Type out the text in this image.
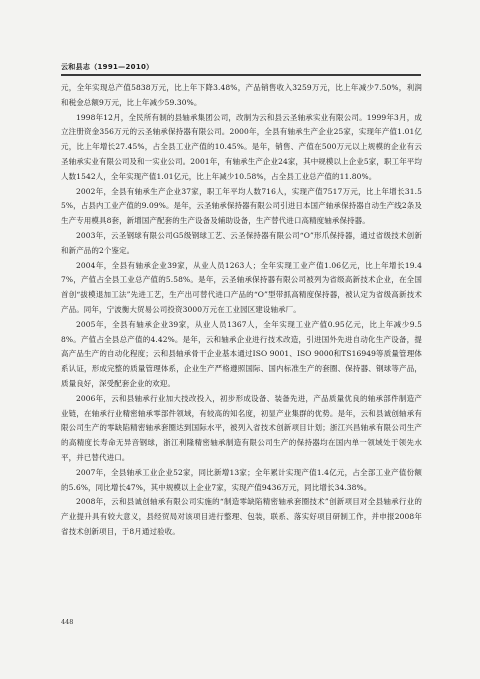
云和县志（1991—2010）

元，全年实现总产值5838万元，比上年下降3.48%，产品销售收入3259万元，比上年减少7.50%，利润和税金总额9万元，比上年减少59.30%。

1998年12月，全民所有制的县轴承集团公司，改制为云和县云圣轴承实业有限公司。1999年3月，成立注册资金356万元的云圣轴承保持器有限公司。2000年，全县有轴承生产企业25家，实现年产值1.01亿元，比上年增长27.45%，占全县工业产值的10.45%。是年，销售、产值在500万元以上规模的企业有云圣轴承实业有限公司及和一实业公司。2001年，有轴承生产企业24家，其中规模以上企业5家，职工年平均人数1542人，全年实现产值1.01亿元，比上年减少10.58%，占全县工业总产值的11.80%。

2002年，全县有轴承生产企业37家，职工年平均人数716人，实现产值7517万元，比上年增长31.55%，占县内工业产值的9.09%。是年，云圣轴承保持器有限公司引进日本国产轴承保持器自动生产线2条及生产专用模具8套，新增国产配套的生产设备及辅助设备，生产替代进口高精度轴承保持器。

2003年，云圣钢球有限公司G5级钢球工艺、云圣保持器有限公司“O”形爪保持器，通过省级技术创新和新产品的2个鉴定。

2004年，全县有轴承企业39家，从业人员1263人；全年实现工业产值1.06亿元，比上年增长19.47%，产值占全县工业总产值的5.58%。是年，云圣轴承保持器有限公司被列为省级高新技术企业，在全国首创“拔模退加工法”先进工艺，生产出可替代进口产品的“O”型带抓高精度保持器，被认定为省级高新技术产品。同年，宁波衡大贸易公司投资3000万元在工业园区建设轴承厂。

2005年，全县有轴承企业39家，从业人员1367人，全年实现工业产值0.95亿元，比上年减少9.58%。产值占全县总产值的4.42%。是年，云和轴承企业进行技术改造，引进国外先进自动化生产设备，提高产品生产的自动化程度；云和县轴承骨干企业基本通过ISO 9001、ISO 9000和TS16949等质量管理体系认证，形成完整的质量管理体系，企业生产严格遵照国际、国内标准生产的套圈、保持器、钢球等产品，质量良好，深受配套企业的欢迎。

2006年，云和县轴承行业加大技改投入，初步形成设备、装备先进，产品质量优良的轴承部件制造产业链，在轴承行业精密轴承零部件领域，有较高的知名度，初显产业集群的优势。是年，云和县诚创轴承有限公司生产的零缺陷精密轴承套圈达到国际水平，被列入省技术创新项目计划；浙江兴昌轴承有限公司生产的高精度长寿命无异音钢球，浙江利隆精密轴承制造有限公司生产的保持器均在国内单一领域处于领先水平，并已替代进口。

2007年，全县轴承工业企业52家，同比新增13家；全年累计实现产值1.4亿元，占全部工业产值份额的5.6%，同比增长47%，其中规模以上企业7家，实现产值9436万元，同比增长34.38%。

2008年，云和县诚创轴承有限公司实施的“制造零缺陷精密轴承套圈技术”创新项目对全县轴承行业的产业提升具有较大意义，县经贸局对该项目进行整理、包装，联系、落实好项目研制工作，并申报2008年省技术创新项目，于8月通过验收。

448
